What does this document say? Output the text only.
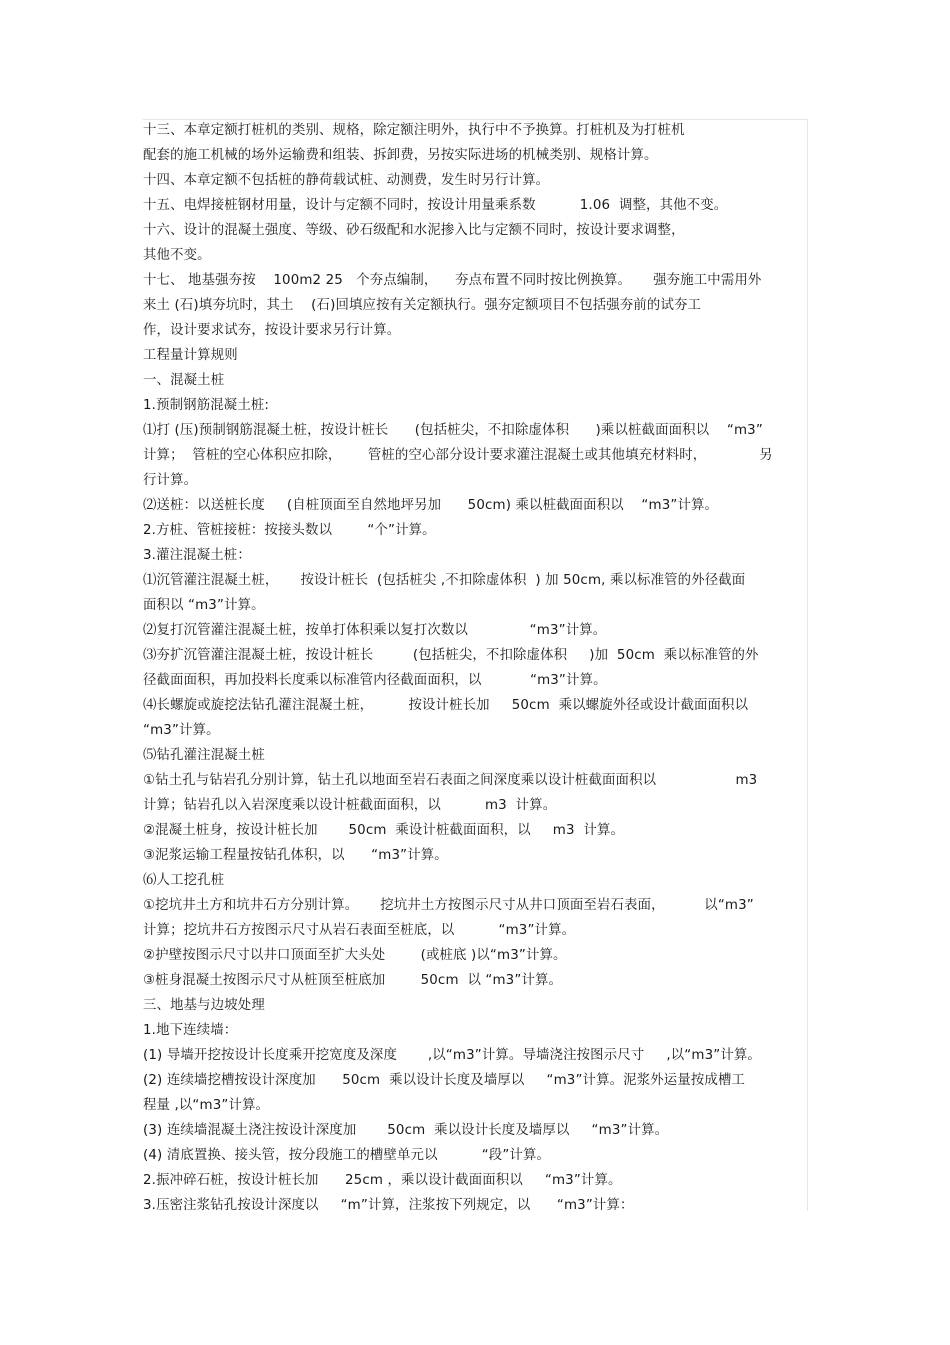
十三、本章定额打桩机的类别、规格，除定额注明外，执行中不予换算。打桩机及为打桩机
配套的施工机械的场外运输费和组装、拆卸费，另按实际进场的机械类别、规格计算。
十四、本章定额不包括桩的静荷载试桩、动测费，发生时另行计算。
十五、电焊接桩钢材用量，设计与定额不同时，按设计用量乘系数          1.06  调整，其他不变。
十六、设计的混凝土强度、等级、砂石级配和水泥掺入比与定额不同时，按设计要求调整，
其他不变。
十七、 地基强夯按    100m2 25   个夯点编制，    夯点布置不同时按比例换算。     强夯施工中需用外
来土 (石)填夯坑时，其土    (石)回填应按有关定额执行。强夯定额项目不包括强夯前的试夯工
作，设计要求试夯，按设计要求另行计算。
工程量计算规则
一、混凝土桩
1.预制钢筋混凝土桩:
⑴打 (压)预制钢筋混凝土桩，按设计桩长      (包括桩尖，不扣除虚体积      )乘以桩截面面积以    “m3”
计算；  管桩的空心体积应扣除，      管桩的空心部分设计要求灌注混凝土或其他填充材料时，            另
行计算。
⑵送桩：以送桩长度     (自桩顶面至自然地坪另加      50cm) 乘以桩截面面积以    “m3”计算。
2.方桩、管桩接桩：按接头数以        “个”计算。
3.灌注混凝土桩：
⑴沉管灌注混凝土桩，     按设计桩长  (包括桩尖 ,不扣除虚体积  ) 加 50cm, 乘以标准管的外径截面
面积以 “m3”计算。
⑵复打沉管灌注混凝土桩，按单打体积乘以复打次数以              “m3”计算。
⑶夯扩沉管灌注混凝土桩，按设计桩长         (包括桩尖，不扣除虚体积     )加  50cm  乘以标准管的外
径截面面积，再加投料长度乘以标准管内径截面面积，以           “m3”计算。
⑷长螺旋或旋挖法钻孔灌注混凝土桩，        按设计桩长加     50cm  乘以螺旋外径或设计截面面积以
“m3”计算。
⑸钻孔灌注混凝土桩
①钻土孔与钻岩孔分别计算，钻土孔以地面至岩石表面之间深度乘以设计桩截面面积以                  m3
计算；钻岩孔以入岩深度乘以设计桩截面面积，以          m3  计算。
②混凝土桩身，按设计桩长加       50cm  乘设计桩截面面积，以     m3  计算。
③泥浆运输工程量按钻孔体积，以      “m3”计算。
⑹人工挖孔桩
①挖坑井土方和坑井石方分别计算。     挖坑井土方按图示尺寸从井口顶面至岩石表面，         以“m3”
计算；挖坑井石方按图示尺寸从岩石表面至桩底，以          “m3”计算。
②护壁按图示尺寸以井口顶面至扩大头处        (或桩底 )以“m3”计算。
③桩身混凝土按图示尺寸从桩顶至桩底加        50cm  以 “m3”计算。
三、地基与边坡处理
1.地下连续墙：
(1) 导墙开挖按设计长度乘开挖宽度及深度       ,以“m3”计算。导墙浇注按图示尺寸     ,以“m3”计算。
(2) 连续墙挖槽按设计深度加      50cm  乘以设计长度及墙厚以     “m3”计算。泥浆外运量按成槽工
程量 ,以“m3”计算。
(3) 连续墙混凝土浇注按设计深度加       50cm  乘以设计长度及墙厚以     “m3”计算。
(4) 清底置换、接头管，按分段施工的槽壁单元以          “段”计算。
2.振冲碎石桩，按设计桩长加      25cm ，乘以设计截面面积以     “m3”计算。
3.压密注浆钻孔按设计深度以     “m”计算，注浆按下列规定，以      “m3”计算：
